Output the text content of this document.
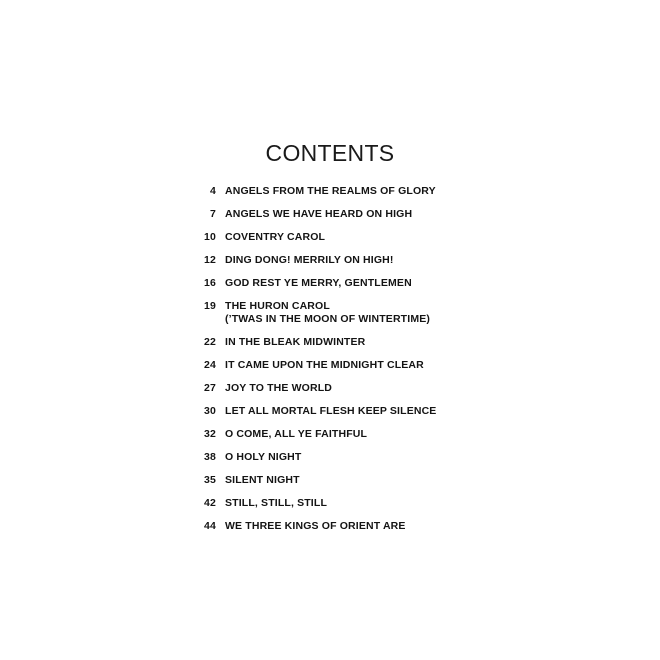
CONTENTS
4 ANGELS FROM THE REALMS OF GLORY
7 ANGELS WE HAVE HEARD ON HIGH
10 COVENTRY CAROL
12 DING DONG! MERRILY ON HIGH!
16 GOD REST YE MERRY, GENTLEMEN
19 THE HURON CAROL
(’TWAS IN THE MOON OF WINTERTIME)
22 IN THE BLEAK MIDWINTER
24 IT CAME UPON THE MIDNIGHT CLEAR
27 JOY TO THE WORLD
30 LET ALL MORTAL FLESH KEEP SILENCE
32 O COME, ALL YE FAITHFUL
38 O HOLY NIGHT
35 SILENT NIGHT
42 STILL, STILL, STILL
44 WE THREE KINGS OF ORIENT ARE
